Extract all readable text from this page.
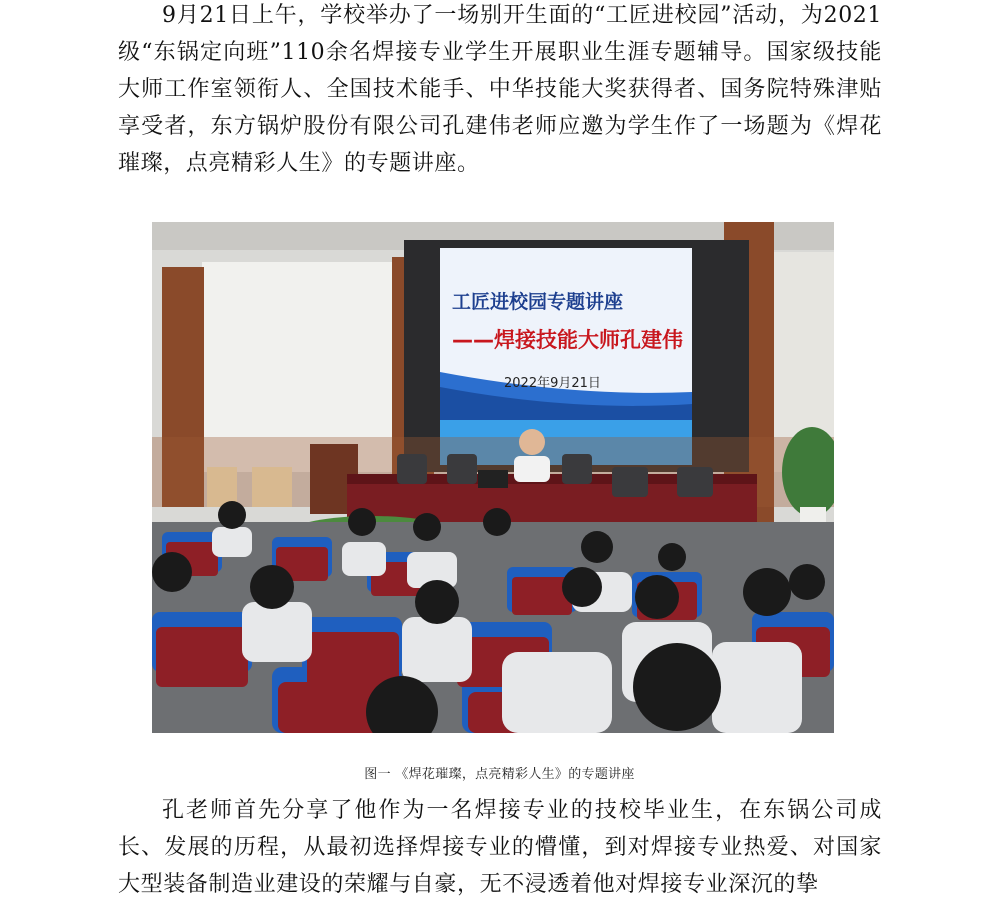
9月21日上午，学校举办了一场别开生面的“工匠进校园”活动，为2021级“东锅定向班”110余名焊接专业学生开展职业生涯专题辅导。国家级技能大师工作室领衔人、全国技术能手、中华技能大奖获得者、国务院特殊津贴享受者，东方锅炉股份有限公司孔建伟老师应邀为学生作了一场题为《焊花璀璨，点亮精彩人生》的专题讲座。

工匠进校园专题讲座
——焊接技能大师孔建伟
2022年9月21日
图一 《焊花璀璨，点亮精彩人生》的专题讲座

孔老师首先分享了他作为一名焊接专业的技校毕业生，在东锅公司成长、发展的历程，从最初选择焊接专业的懵懂，到对焊接专业热爱、对国家大型装备制造业建设的荣耀与自豪，无不浸透着他对焊接专业深沉的挚
